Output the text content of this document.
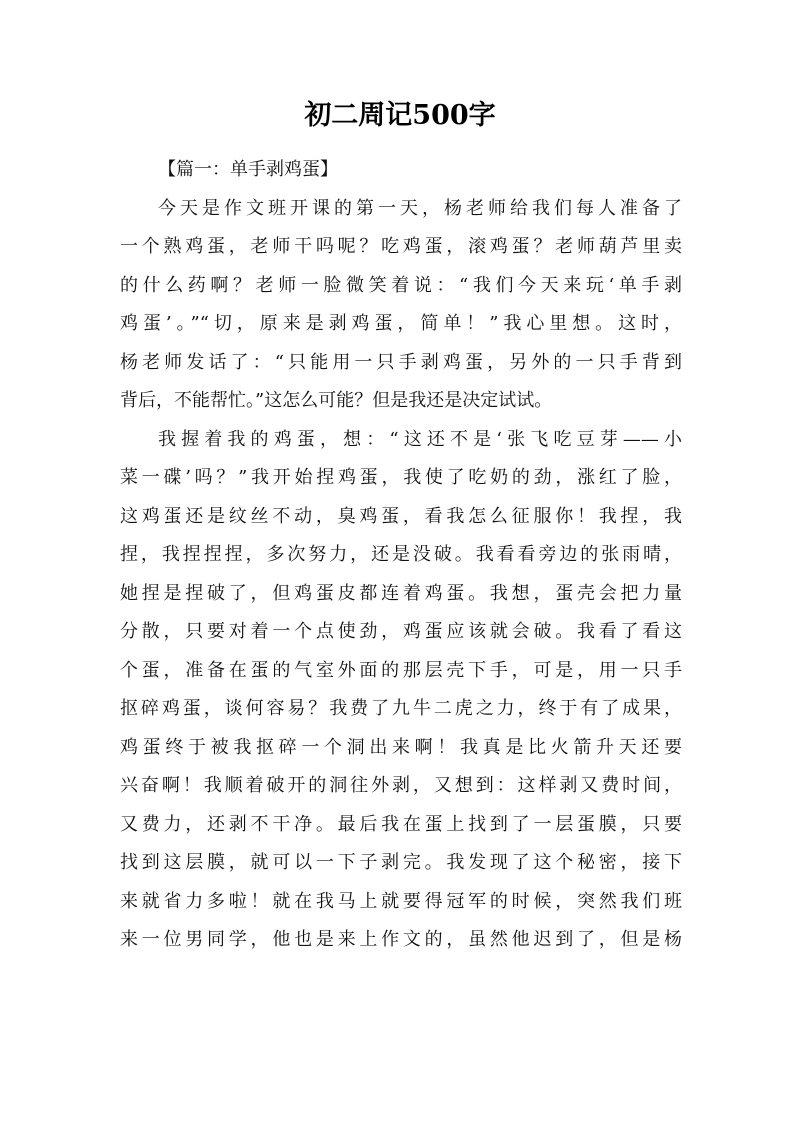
初二周记500字
【篇一：单手剥鸡蛋】
今天是作文班开课的第一天，杨老师给我们每人准备了
一个熟鸡蛋，老师干吗呢？吃鸡蛋，滚鸡蛋？老师葫芦里卖
的什么药啊？老师一脸微笑着说：“我们今天来玩‘单手剥
鸡蛋’。”“切，原来是剥鸡蛋，简单！”我心里想。这时，
杨老师发话了：“只能用一只手剥鸡蛋，另外的一只手背到
背后，不能帮忙。”这怎么可能？但是我还是决定试试。
我握着我的鸡蛋，想：“这还不是‘张飞吃豆芽——小
菜一碟’吗？”我开始捏鸡蛋，我使了吃奶的劲，涨红了脸，
这鸡蛋还是纹丝不动，臭鸡蛋，看我怎么征服你！我捏，我
捏，我捏捏捏，多次努力，还是没破。我看看旁边的张雨晴，
她捏是捏破了，但鸡蛋皮都连着鸡蛋。我想，蛋壳会把力量
分散，只要对着一个点使劲，鸡蛋应该就会破。我看了看这
个蛋，准备在蛋的气室外面的那层壳下手，可是，用一只手
抠碎鸡蛋，谈何容易？我费了九牛二虎之力，终于有了成果，
鸡蛋终于被我抠碎一个洞出来啊！我真是比火箭升天还要
兴奋啊！我顺着破开的洞往外剥，又想到：这样剥又费时间，
又费力，还剥不干净。最后我在蛋上找到了一层蛋膜，只要
找到这层膜，就可以一下子剥完。我发现了这个秘密，接下
来就省力多啦！就在我马上就要得冠军的时候，突然我们班
来一位男同学，他也是来上作文的，虽然他迟到了，但是杨
